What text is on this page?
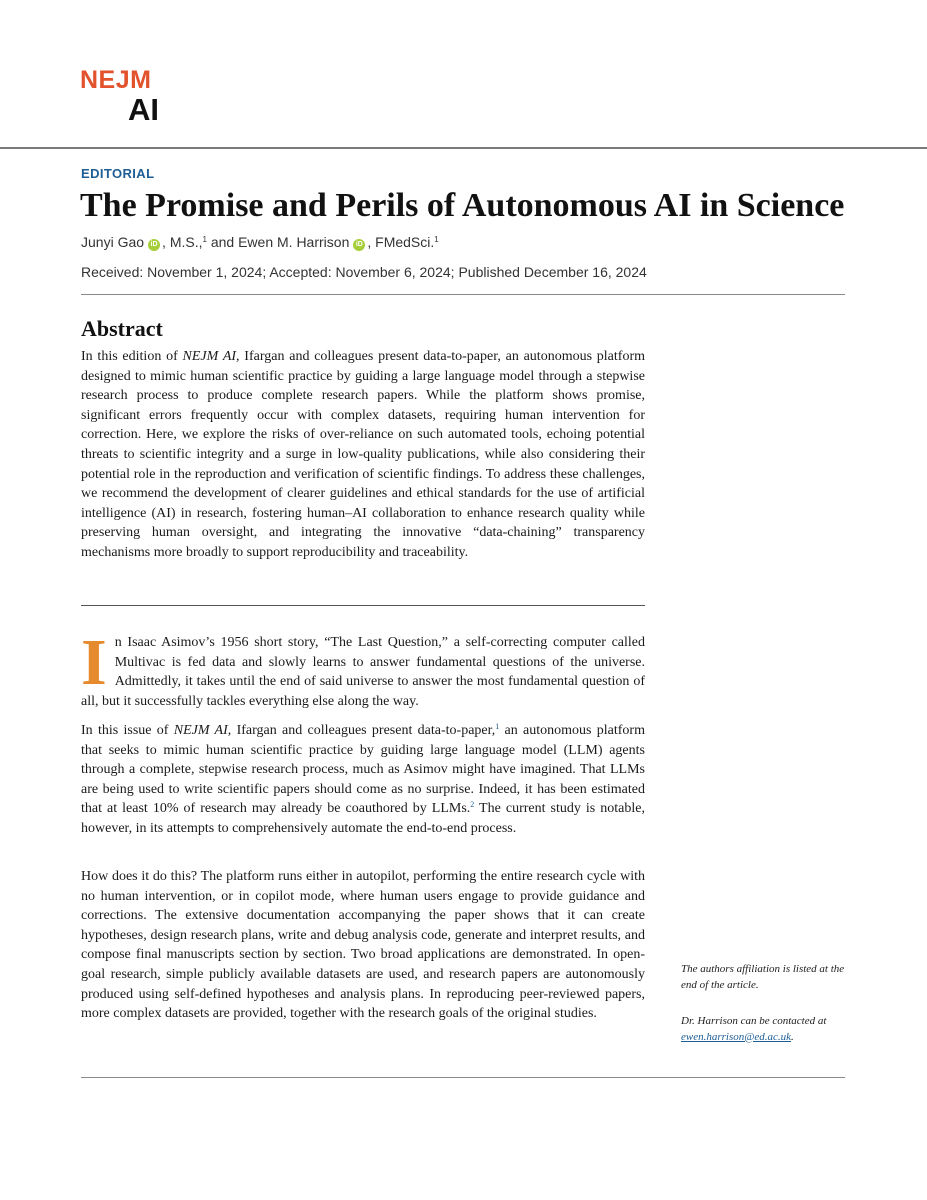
NEJM
AI
EDITORIAL
The Promise and Perils of Autonomous AI in Science
Junyi Gao iD , M.S.,$^1$ and Ewen M. Harrison iD , FMedSci.$^1$
Received: November 1, 2024; Accepted: November 6, 2024; Published December 16, 2024
Abstract

In this edition of NEJM AI, Ifargan and colleagues present data-to-paper, an autonomous platform designed to mimic human scientific practice by guiding a large language model through a stepwise research process to produce complete research papers. While the platform shows promise, significant errors frequently occur with complex datasets, requiring human intervention for correction. Here, we explore the risks of over-reliance on such automated tools, echoing potential threats to scientific integrity and a surge in low-quality publications, while also considering their potential role in the reproduction and verification of scientific findings. To address these challenges, we recommend the development of clearer guidelines and ethical standards for the use of artificial intelligence (AI) in research, fostering human–AI collaboration to enhance research quality while preserving human oversight, and integrating the innovative “data-chaining” transparency mechanisms more broadly to support reproducibility and traceability.

In Isaac Asimov’s 1956 short story, “The Last Question,” a self-correcting computer called Multivac is fed data and slowly learns to answer fundamental questions of the universe. Admittedly, it takes until the end of said universe to answer the most fundamental question of all, but it successfully tackles everything else along the way.

In this issue of NEJM AI, Ifargan and colleagues present data-to-paper,$^1$ an autonomous platform that seeks to mimic human scientific practice by guiding large language model (LLM) agents through a complete, stepwise research process, much as Asimov might have imagined. That LLMs are being used to write scientific papers should come as no surprise. Indeed, it has been estimated that at least 10% of research may already be coauthored by LLMs.$^2$ The current study is notable, however, in its attempts to comprehensively automate the end-to-end process.

How does it do this? The platform runs either in autopilot, performing the entire research cycle with no human intervention, or in copilot mode, where human users engage to provide guidance and corrections. The extensive documentation accompanying the paper shows that it can create hypotheses, design research plans, write and debug analysis code, generate and interpret results, and compose final manuscripts section by section. Two broad applications are demonstrated. In open-goal research, simple publicly available datasets are used, and research papers are autonomously produced using self-defined hypotheses and analysis plans. In reproducing peer-reviewed papers, more complex datasets are provided, together with the research goals of the original studies.

The authors affiliation is listed at the end of the article.

Dr. Harrison can be contacted at ewen.harrison@ed.ac.uk.
